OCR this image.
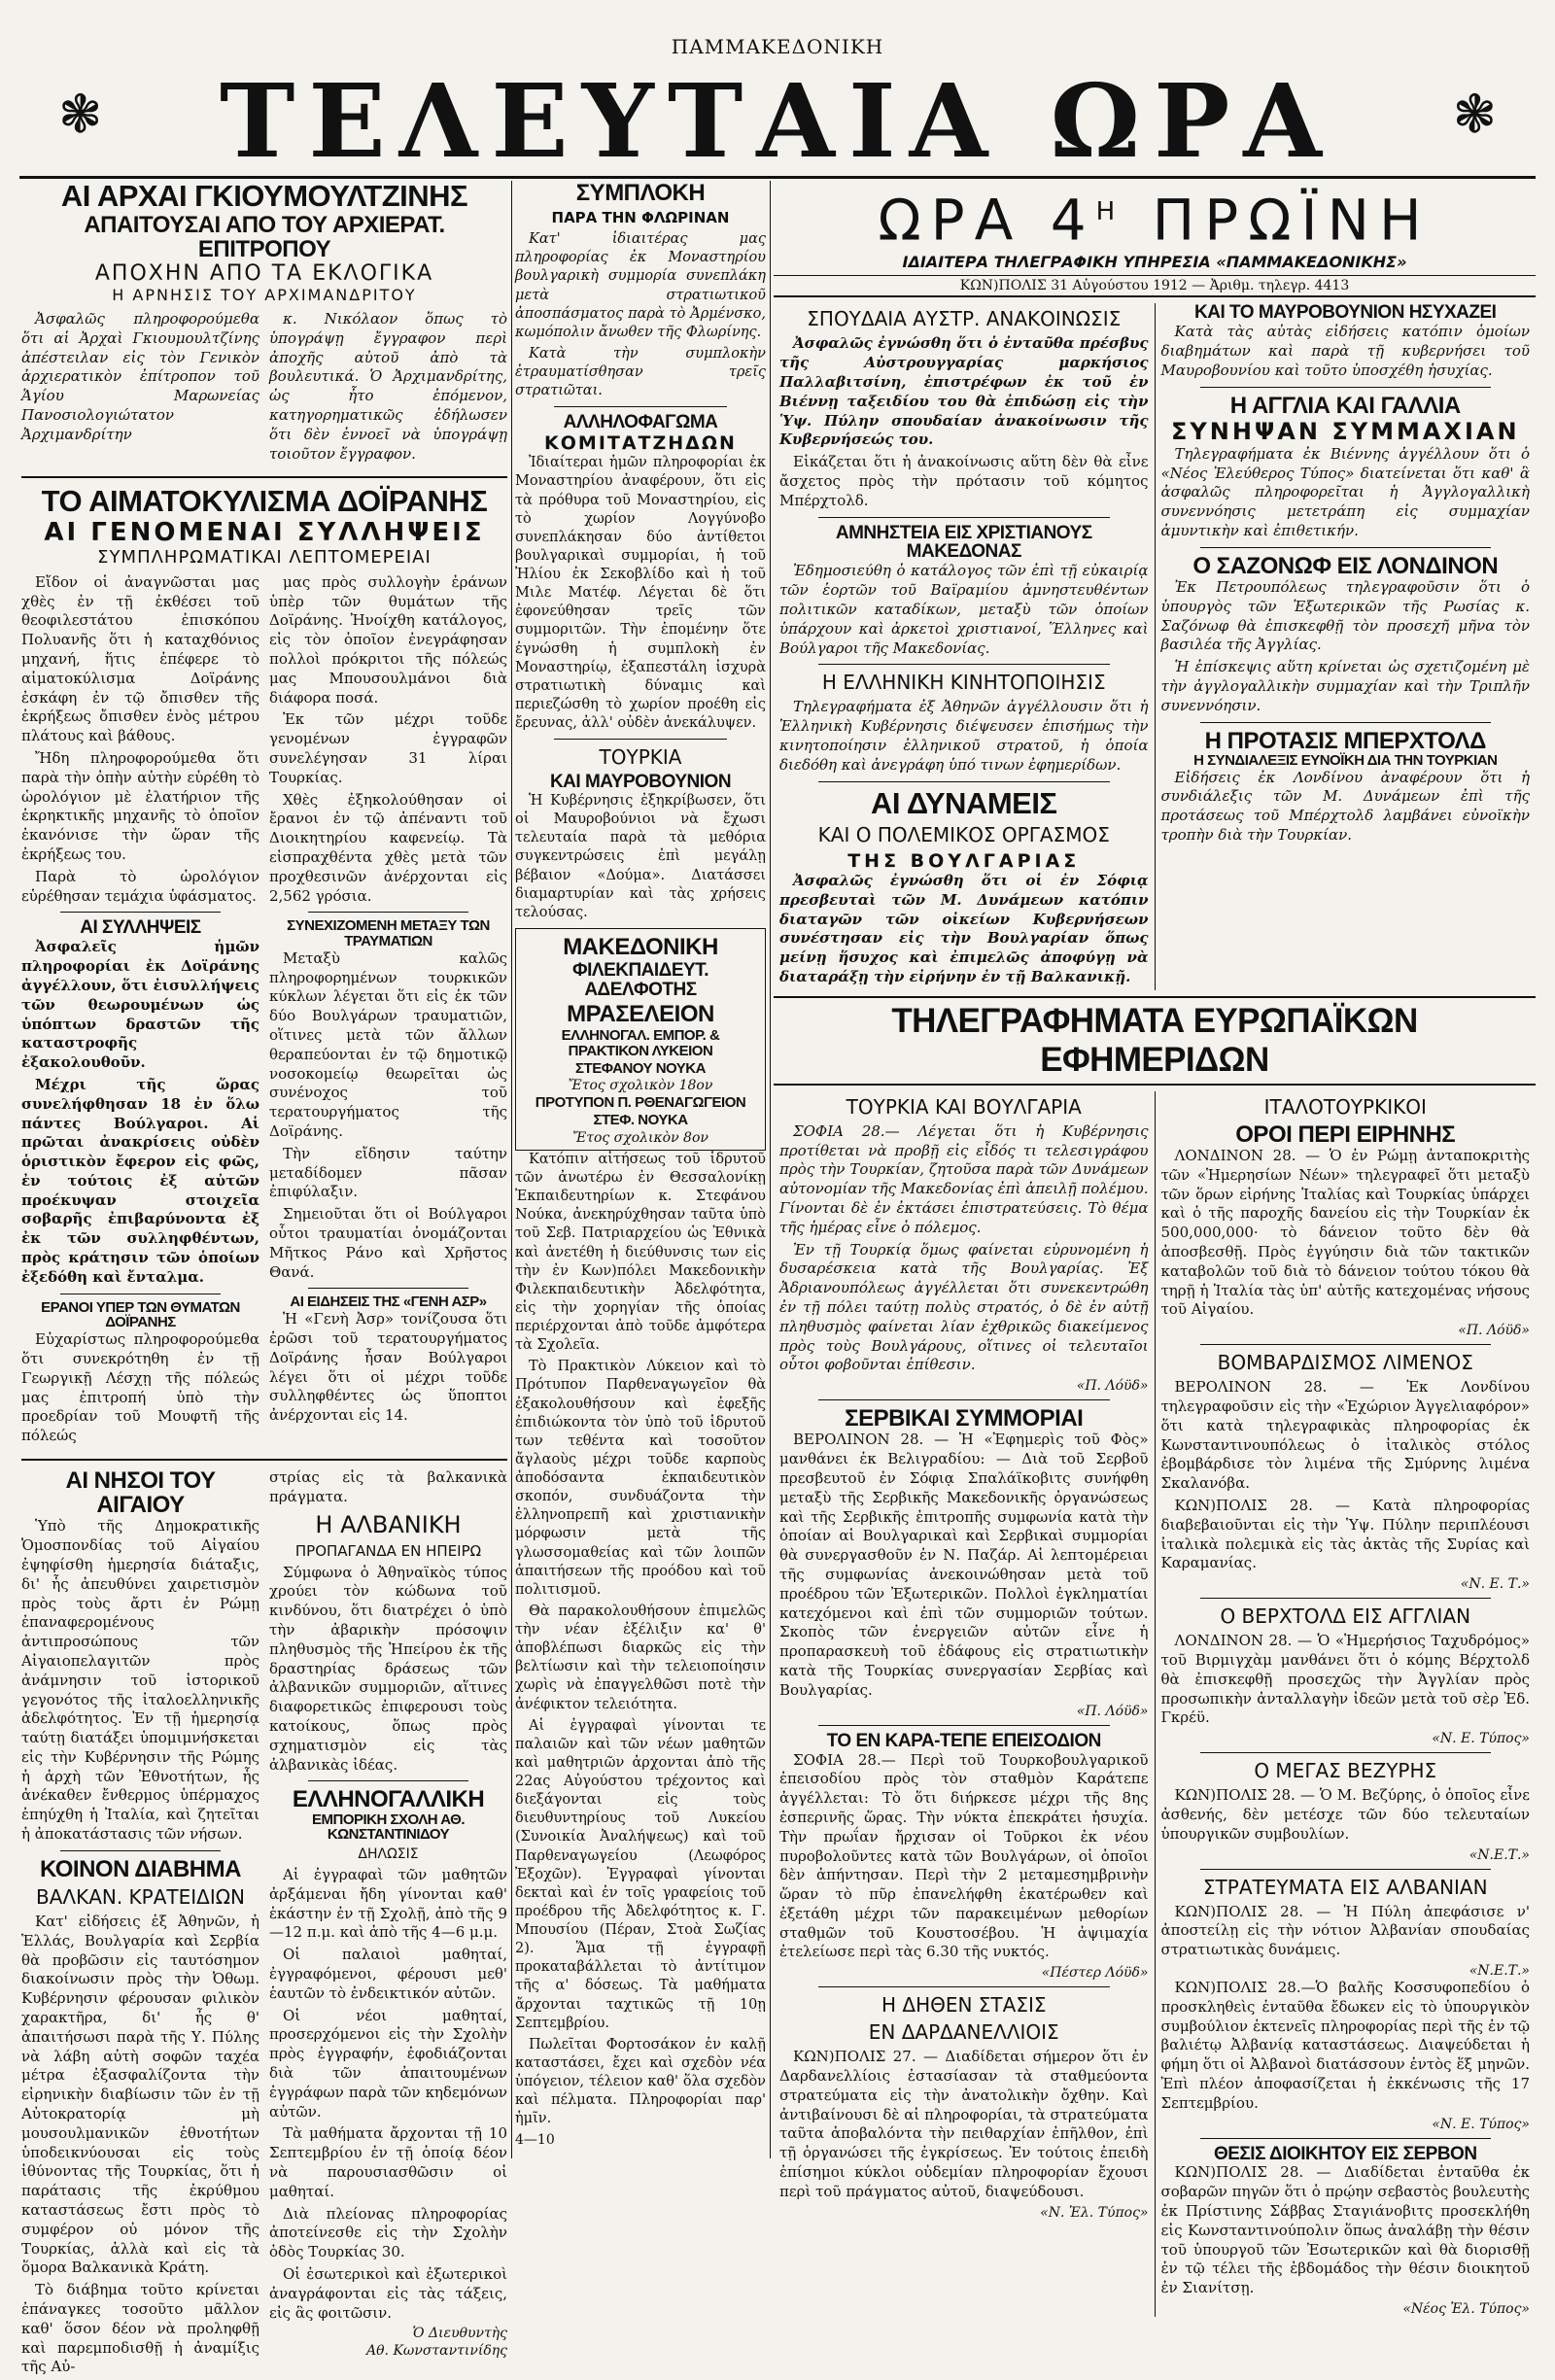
ΠΑΜΜΑΚΕΔΟΝΙΚΗ
❃	❃
ΤΕΛΕΥΤΑΙΑ ΩΡΑ
ΑΙ ΑΡΧΑΙ ΓΚΙΟΥΜΟΥΛΤΖΙΝΗΣ
ΑΠΑΙΤΟΥΣΑΙ ΑΠΟ ΤΟΥ ΑΡΧΙΕΡΑΤ. ΕΠΙΤΡΟΠΟΥ
ΑΠΟΧΗΝ ΑΠΟ ΤΑ ΕΚΛΟΓΙΚΑ
Η ΑΡΝΗΣΙΣ ΤΟΥ ΑΡΧΙΜΑΝΔΡΙΤΟΥ

Ἀσφαλῶς πληροφορούμεθα ὅτι αἱ Ἀρχαὶ Γκιουμουλτζίνης ἀπέστειλαν εἰς τὸν Γενικὸν ἀρχιερατικὸν ἐπίτροπον τοῦ Ἁγίου Μαρωνείας Πανοσιολογιώτατον Ἀρχιμανδρίτην

κ. Νικόλαον ὅπως τὸ ὑπογράψῃ ἔγγραφον περὶ ἀποχῆς αὐτοῦ ἀπὸ τὰ βουλευτικά. Ὁ Ἀρχιμανδρίτης, ὡς ἦτο ἑπόμενον, κατηγορηματικῶς ἐδήλωσεν ὅτι δὲν ἐννοεῖ νὰ ὑπογράψῃ τοιοῦτον ἔγγραφον.

ΤΟ ΑΙΜΑΤΟΚΥΛΙΣΜΑ ΔΟΪΡΑΝΗΣ
ΑΙ ΓΕΝΟΜΕΝΑΙ ΣΥΛΛΗΨΕΙΣ
ΣΥΜΠΛΗΡΩΜΑΤΙΚΑΙ ΛΕΠΤΟΜΕΡΕΙΑΙ

Εἴδον οἱ ἀναγνῶσται μας χθὲς ἐν τῇ ἐκθέσει τοῦ θεοφιλεστάτου ἐπισκόπου Πολυανῆς ὅτι ἡ καταχθόνιος μηχανή, ἥτις ἐπέφερε τὸ αἱματοκύλισμα Δοϊράνης ἐσκάφη ἐν τῷ ὄπισθεν τῆς ἐκρήξεως ὄπισθεν ἐνὸς μέτρου πλάτους καὶ βάθους.

Ἤδη πληροφορούμεθα ὅτι παρὰ τὴν ὀπὴν αὐτὴν εὑρέθη τὸ ὡρολόγιον μὲ ἐλατήριον τῆς ἐκρηκτικῆς μηχανῆς τὸ ὁποῖον ἐκανόνισε τὴν ὥραν τῆς ἐκρήξεως του.

Παρὰ τὸ ὡρολόγιον εὑρέθησαν τεμάχια ὑφάσματος.

ΑΙ ΣΥΛΛΗΨΕΙΣ

Ἀσφαλεῖς ἡμῶν πληροφορίαι ἐκ Δοϊράνης ἀγγέλλουν, ὅτι ἐισυλλήψεις τῶν θεωρουμένων ὡς ὑπόπτων δραστῶν τῆς καταστροφῆς ἐξακολουθοῦν.

Μέχρι τῆς ὥρας συνελήφθησαν 18 ἐν ὅλω πάντες Βούλγαροι. Αἱ πρῶται ἀνακρίσεις οὐδὲν ὁριστικὸν ἔφερον εἰς φῶς, ἐν τούτοις ἐξ αὐτῶν προέκυψαν στοιχεῖα σοβαρῆς ἐπιβαρύνοντα ἐξ ἐκ τῶν συλληφθέντων, πρὸς κράτησιν τῶν ὁποίων ἐξεδόθη καὶ ἔνταλμα.

ΕΡΑΝΟΙ ΥΠΕΡ ΤΩΝ ΘΥΜΑΤΩΝ ΔΟΪΡΑΝΗΣ

Εὐχαρίστως πληροφορούμεθα ὅτι συνεκρότηθη ἐν τῇ Γεωργικῇ Λέσχῃ τῆς πόλεώς μας ἐπιτροπή ὑπὸ τὴν προεδρίαν τοῦ Μουφτῆ τῆς πόλεώς

μας πρὸς συλλογὴν ἐράνων ὑπὲρ τῶν θυμάτων τῆς Δοϊράνης. Ἠνοίχθη κατάλογος, εἰς τὸν ὁποῖον ἐνεγράφησαν πολλοὶ πρόκριτοι τῆς πόλεώς μας Μπουσουλμάνοι διὰ διάφορα ποσά.

Ἐκ τῶν μέχρι τοῦδε γενομένων ἐγγραφῶν συνελέγησαν 31 λίραι Τουρκίας.

Χθὲς ἐξηκολούθησαν οἱ ἔρανοι ἐν τῷ ἀπέναντι τοῦ Διοικητηρίου καφενείῳ. Τὰ εἰσπραχθέντα χθὲς μετὰ τῶν προχθεσινῶν ἀνέρχονται εἰς 2,562 γρόσια.

ΣΥΝΕΧΙΖΟΜΕΝΗ ΜΕΤΑΞΥ ΤΩΝ ΤΡΑΥΜΑΤΙΩΝ

Μεταξὺ καλῶς πληροφορημένων τουρκικῶν κύκλων λέγεται ὅτι εἰς ἐκ τῶν δύο Βουλγάρων τραυματιῶν, οἵτινες μετὰ τῶν ἄλλων θεραπεύονται ἐν τῷ δημοτικῷ νοσοκομείῳ θεωρεῖται ὡς συνένοχος τοῦ τερατουργήματος τῆς Δοϊράνης.

Τὴν εἴδησιν ταύτην μεταδίδομεν πᾶσαν ἐπιφύλαξιν.

Σημειοῦται ὅτι οἱ Βούλγαροι οὗτοι τραυματίαι ὀνομάζονται Μῆτκος Ράνο καὶ Χρῆστος Θανά.

ΑΙ ΕΙΔΗΣΕΙΣ ΤΗΣ «ΓΕΝΗ ΑΣΡ»

Ἡ «Γενὴ Ἀσρ» τονίζουσα ὅτι ἐρῶσι τοῦ τερατουργήματος Δοϊράνης ἦσαν Βούλγαροι λέγει ὅτι οἱ μέχρι τοῦδε συλληφθέντες ὡς ὕποπτοι ἀνέρχονται εἰς 14.

ΑΙ ΝΗΣΟΙ ΤΟΥ ΑΙΓΑΙΟΥ

Ὑπὸ τῆς Δημοκρατικῆς Ὁμοσπονδίας τοῦ Αἰγαίου ἐψηφίσθη ἡμερησία διάταξις, δι' ἧς ἀπευθύνει χαιρετισμὸν πρὸς τοὺς ἄρτι ἐν Ρώμῃ ἐπαναφερομένους ἀντιπροσώπους τῶν Αἰγαιοπελαγιτῶν πρὸς ἀνάμνησιν τοῦ ἱστορικοῦ γεγονότος τῆς ἰταλοελληνικῆς ἀδελφότητος. Ἐν τῇ ἡμερησίᾳ ταύτῃ διατάξει ὑπομιμνήσκεται εἰς τὴν Κυβέρνησιν τῆς Ρώμης ἡ ἀρχὴ τῶν Ἐθνοτήτων, ἧς ἀνέκαθεν ἔνθερμος ὑπέρμαχος ἐπηύχθη ἡ Ἰταλία, καὶ ζητεῖται ἡ ἀποκατάστασις τῶν νήσων.

ΚΟΙΝΟΝ ΔΙΑΒΗΜΑ
ΒΑΛΚΑΝ. ΚΡΑΤΕΙΔΙΩΝ

Κατ' εἰδήσεις ἐξ Ἀθηνῶν, ἡ Ἑλλάς, Βουλγαρία καὶ Σερβία θὰ προβῶσιν εἰς ταυτόσημον διακοίνωσιν πρὸς τὴν Ὀθωμ. Κυβέρνησιν φέρουσαν φιλικὸν χαρακτῆρα, δι' ἧς θ' ἀπαιτήσωσι παρὰ τῆς Υ. Πύλης νὰ λάβη αὐτὴ σοφῶν ταχέα μέτρα ἐξασφαλίζοντα τὴν εἰρηνικὴν διαβίωσιν τῶν ἐν τῇ Αὐτοκρατορίᾳ μὴ μουσουλμανικῶν ἐθνοτήτων ὑποδεικνύουσαι εἰς τοὺς ἰθύνοντας τῆς Τουρκίας, ὅτι ἡ παράτασις τῆς ἐκρύθμου καταστάσεως ἔστι πρὸς τὸ συμφέρον οὐ μόνον τῆς Τουρκίας, ἀλλὰ καὶ εἰς τὰ ὅμορα Βαλκανικὰ Κράτη.

Τὸ διάβημα τοῦτο κρίνεται ἐπάναγκες τοσοῦτο μᾶλλον καθ' ὅσον δέον νὰ προληφθῇ καὶ παρεμποδισθῇ ἡ ἀναμίξις τῆς Αὐ-

στρίας εἰς τὰ βαλκανικὰ πράγματα.

Η ΑΛΒΑΝΙΚΗ
ΠΡΟΠΑΓΑΝΔΑ ΕΝ ΗΠΕΙΡΩ

Σύμφωνα ὁ Ἀθηναϊκὸς τύπος χρούει τὸν κώδωνα τοῦ κινδύνου, ὅτι διατρέχει ὁ ὑπὸ τὴν ἀβαρικὴν πρόσοψιν πληθυσμὸς τῆς Ἠπείρου ἐκ τῆς δραστηρίας δράσεως τῶν ἀλβανικῶν συμμοριῶν, αἵτινες διαφορετικῶς ἐπιφερουσι τοὺς κατοίκους, ὅπως πρὸς σχηματισμὸν εἰς τὰς ἀλβανικὰς ἰδέας.

ΕΛΛΗΝΟΓΑΛΛΙΚΗ
ΕΜΠΟΡΙΚΗ ΣΧΟΛΗ ΑΘ. ΚΩΝΣΤΑΝΤΙΝΙΔΟΥ
ΔΗΛΩΣΙΣ

Αἱ ἐγγραφαὶ τῶν μαθητῶν ἀρξάμεναι ἤδη γίνονται καθ' ἑκάστην ἐν τῇ Σχολῇ, ἀπὸ τῆς 9—12 π.μ. καὶ ἀπὸ τῆς 4—6 μ.μ.

Οἱ παλαιοὶ μαθηταί, ἐγγραφόμενοι, φέρουσι μεθ' ἑαυτῶν τὸ ἐνδεικτικόν αὐτῶν.

Οἱ νέοι μαθηταί, προσερχόμενοι εἰς τὴν Σχολὴν πρὸς ἐγγραφήν, ἐφοδιάζονται διὰ τῶν ἀπαιτουμένων ἐγγράφων παρὰ τῶν κηδεμόνων αὐτῶν.

Τὰ μαθήματα ἄρχονται τῇ 10 Σεπτεμβρίου ἐν τῇ ὁποίᾳ δέον νὰ παρουσιασθῶσιν οἱ μαθηταί.

Διὰ πλείονας πληροφορίας ἀποτείνεσθε εἰς τὴν Σχολὴν ὁδὸς Τουρκίας 30.

Οἱ ἐσωτερικοὶ καὶ ἐξωτερικοὶ ἀναγράφονται εἰς τὰς τάξεις, εἰς ἃς φοιτῶσιν.

Ὁ Διευθυντὴς
Αθ. Κωνσταντινίδης
ΣΥΜΠΛΟΚΗ
ΠΑΡΑ ΤΗΝ ΦΛΩΡΙΝΑΝ

Κατ' ἰδιαιτέρας μας πληροφορίας ἐκ Μοναστηρίου βουλγαρικὴ συμμορία συνεπλάκη μετὰ στρατιωτικοῦ ἀποσπάσματος παρὰ τὸ Ἀρμένσκο, κωμόπολιν ἄνωθεν τῆς Φλωρίνης.

Κατὰ τὴν συμπλοκὴν ἐτραυματίσθησαν τρεῖς στρατιῶται.

ΑΛΛΗΛΟΦΑΓΩΜΑ
ΚΟΜΙΤΑΤΖΗΔΩΝ

Ἰδιαίτεραι ἡμῶν πληροφορίαι ἐκ Μοναστηρίου ἀναφέρουν, ὅτι εἰς τὰ πρόθυρα τοῦ Μοναστηρίου, εἰς τὸ χωρίον Λογγύνοβο συνεπλάκησαν δύο ἀντίθετοι βουλγαρικαὶ συμμορίαι, ἡ τοῦ Ἠλίου ἐκ Σεκοβλίδο καὶ ἡ τοῦ Μιλε Ματέφ. Λέγεται δὲ ὅτι ἐφονεύθησαν τρεῖς τῶν συμμοριτῶν. Τὴν ἑπομένην ὅτε ἐγνώσθη ἡ συμπλοκὴ ἐν Μοναστηρίῳ, ἐξαπεστάλη ἰσχυρὰ στρατιωτικὴ δύναμις καὶ περιεζώσθη τὸ χωρίον προέθη εἰς ἔρευνας, ἀλλ' οὐδὲν ἀνεκάλυψεν.

ΤΟΥΡΚΙΑ
ΚΑΙ ΜΑΥΡΟΒΟΥΝΙΟΝ

Ἡ Κυβέρνησις ἐξηκρίβωσεν, ὅτι οἱ Μαυροβούνιοι νὰ ἔχωσι τελευταία παρὰ τὰ μεθόρια συγκεντρώσεις ἐπὶ μεγάλῃ βέβαιον «Δούμα». Διατάσσει διαμαρτυρίαν καὶ τὰς χρήσεις τελούσας.

ΜΑΚΕΔΟΝΙΚΗ
ΦΙΛΕΚΠΑΙΔΕΥΤ. ΑΔΕΛΦΟΤΗΣ
ΜΡΑΣΕΛΕΙΟΝ
ΕΛΛΗΝΟΓΑΛ. ΕΜΠΟΡ. & ΠΡΑΚΤΙΚΟΝ ΛΥΚΕΙΟΝ
ΣΤΕΦΑΝΟΥ ΝΟΥΚΑ
Ἔτος σχολικὸν 18ον
ΠΡΟΤΥΠΟΝ Π. ΡΘΕΝΑΓΩΓΕΙΟΝ
ΣΤΕΦ. ΝΟΥΚΑ
Ἔτος σχολικὸν 8ον

Κατόπιν αἰτήσεως τοῦ ἱδρυτοῦ τῶν ἀνωτέρω ἐν Θεσσαλονίκῃ Ἐκπαιδευτηρίων κ. Στεφάνου Νούκα, ἀνεκηρύχθησαν ταῦτα ὑπὸ τοῦ Σεβ. Πατριαρχείου ὡς Ἐθνικὰ καὶ ἀνετέθη ἡ διεύθυνσις των εἰς τὴν ἐν Κων)πόλει Μακεδονικὴν Φιλεκπαιδευτικὴν Ἀδελφότητα, εἰς τὴν χορηγίαν τῆς ὁποίας περιέρχονται ἀπὸ τοῦδε ἀμφότερα τὰ Σχολεῖα.

Τὸ Πρακτικὸν Λύκειον καὶ τὸ Πρότυπον Παρθεναγωγεῖον θὰ ἐξακολουθήσουν καὶ ἐφεξῆς ἐπιδιώκοντα τὸν ὑπὸ τοῦ ἱδρυτοῦ των τεθέντα καὶ τοσοῦτον ἄγλαοὺς μέχρι τοῦδε καρποὺς ἀποδόσαντα ἐκπαιδευτικὸν σκοπόν, συνδυάζοντα τὴν ἑλληνοπρεπῆ καὶ χριστιανικὴν μόρφωσιν μετὰ τῆς γλωσσομαθείας καὶ τῶν λοιπῶν ἀπαιτήσεων τῆς προόδου καὶ τοῦ πολιτισμοῦ.

Θὰ παρακολουθήσουν ἐπιμελῶς τὴν νέαν ἐξέλιξιν κα' θ' ἀποβλέπωσι διαρκῶς εἰς τὴν βελτίωσιν καὶ τὴν τελειοποίησιν χωρὶς νὰ ἐπαγγελθῶσι ποτὲ τὴν ἀνέφικτον τελειότητα.

Αἱ ἐγγραφαὶ γίνονται τε παλαιῶν καὶ τῶν νέων μαθητῶν καὶ μαθητριῶν ἀρχονται ἀπὸ τῆς 22ας Αὐγούστου τρέχοντος καὶ διεξάγονται εἰς τοὺς διευθυντηρίους τοῦ Λυκείου (Συνοικία Ἀναλήψεως) καὶ τοῦ Παρθεναγωγείου (Λεωφόρος Ἐξοχῶν). Ἐγγραφαὶ γίνονται δεκταὶ καὶ ἐν τοῖς γραφείοις τοῦ προέδρου τῆς Ἀδελφότητος κ. Γ. Μπουσίου (Πέραν, Στοὰ Σωζίας 2). Ἅμα τῇ ἐγγραφῇ προκαταβάλλεται τὸ ἀντίτιμον τῆς α' δόσεως. Τὰ μαθήματα ἄρχονται ταχτικῶς τῇ 10ῃ Σεπτεμβρίου.

Πωλεῖται Φορτοσάκον ἐν καλῇ καταστάσει, ἔχει καὶ σχεδὸν νέα ὑπόγειον, τέλειον καθ' ὅλα σχεδὸν καὶ πέλματα. Πληροφορίαι παρ' ἡμῖν.

4—10
ΩΡΑ $4^H$ ΠΡΩΪΝΗ
ΙΔΙΑΙΤΕΡΑ ΤΗΛΕΓΡΑΦΙΚΗ ΥΠΗΡΕΣΙΑ «ΠΑΜΜΑΚΕΔΟΝΙΚΗΣ»
ΚΩΝ)ΠΟΛΙΣ 31 Αὐγούστου 1912 — Ἀριθμ. τηλεγρ. 4413
ΣΠΟΥΔΑΙΑ ΑΥΣΤΡ. ΑΝΑΚΟΙΝΩΣΙΣ

Ἀσφαλῶς ἐγνώσθη ὅτι ὁ ἐνταῦθα πρέσβυς τῆς Αὐστρουγγαρίας μαρκήσιος Παλλαβιτσίνη, ἐπιστρέφων ἐκ τοῦ ἐν Βιέννῃ ταξειδίου του θὰ ἐπιδώσῃ εἰς τὴν Ὑψ. Πύλην σπουδαίαν ἀνακοίνωσιν τῆς Κυβερνήσεώς του.

Εἰκάζεται ὅτι ἡ ἀνακοίνωσις αὕτη δὲν θὰ εἶνε ἄσχετος πρὸς τὴν πρότασιν τοῦ κόμητος Μπέρχτολδ.

ΑΜΝΗΣΤΕΙΑ ΕΙΣ ΧΡΙΣΤΙΑΝΟΥΣ ΜΑΚΕΔΟΝΑΣ

Ἐδημοσιεύθη ὁ κατάλογος τῶν ἐπὶ τῇ εὐκαιρίᾳ τῶν ἑορτῶν τοῦ Βαϊραμίου ἀμνηστευθέντων πολιτικῶν καταδίκων, μεταξὺ τῶν ὁποίων ὑπάρχουν καὶ ἀρκετοὶ χριστιανοί, Ἕλληνες καὶ Βούλγαροι τῆς Μακεδονίας.

Η ΕΛΛΗΝΙΚΗ ΚΙΝΗΤΟΠΟΙΗΣΙΣ

Τηλεγραφήματα ἐξ Ἀθηνῶν ἀγγέλλουσιν ὅτι ἡ Ἑλληνικὴ Κυβέρνησις διέψευσεν ἐπισήμως τὴν κινητοποίησιν ἑλληνικοῦ στρατοῦ, ἡ ὁποία διεδόθη καὶ ἀνεγράφη ὑπό τινων ἐφημερίδων.

ΑΙ ΔΥΝΑΜΕΙΣ
ΚΑΙ Ο ΠΟΛΕΜΙΚΟΣ ΟΡΓΑΣΜΟΣ
ΤΗΣ ΒΟΥΛΓΑΡΙΑΣ

Ἀσφαλῶς ἐγνώσθη ὅτι οἱ ἐν Σόφιᾳ πρεσβευταὶ τῶν Μ. Δυνάμεων κατόπιν διαταγῶν τῶν οἰκείων Κυβερνήσεων συνέστησαν εἰς τὴν Βουλγαρίαν ὅπως μείνῃ ἥσυχος καὶ ἐπιμελῶς ἀποφύγῃ νὰ διαταράξῃ τὴν εἰρήνην ἐν τῇ Βαλκανικῇ.

ΚΑΙ ΤΟ ΜΑΥΡΟΒΟΥΝΙΟΝ ΗΣΥΧΑΖΕΙ

Κατὰ τὰς αὐτὰς εἰδήσεις κατόπιν ὁμοίων διαβημάτων καὶ παρὰ τῇ κυβερνήσει τοῦ Μαυροβουνίου καὶ τοῦτο ὑποσχέθη ἡσυχίας.

Η ΑΓΓΛΙΑ ΚΑΙ ΓΑΛΛΙΑ
ΣΥΝΗΨΑΝ ΣΥΜΜΑΧΙΑΝ

Τηλεγραφήματα ἐκ Βιέννης ἀγγέλλουν ὅτι ὁ «Νέος Ἐλεύθερος Τύπος» διατείνεται ὅτι καθ' ἃ ἀσφαλῶς πληροφορεῖται ἡ Ἀγγλογαλλικὴ συνεννόησις μετετράπη εἰς συμμαχίαν ἀμυντικὴν καὶ ἐπιθετικήν.

Ο ΣΑΖΟΝΩΦ ΕΙΣ ΛΟΝΔΙΝΟΝ

Ἐκ Πετρουπόλεως τηλεγραφοῦσιν ὅτι ὁ ὑπουργὸς τῶν Ἐξωτερικῶν τῆς Ρωσίας κ. Σαζόνωφ θὰ ἐπισκεφθῇ τὸν προσεχῆ μῆνα τὸν βασιλέα τῆς Ἀγγλίας.

Ἡ ἐπίσκεψις αὕτη κρίνεται ὡς σχετιζομένη μὲ τὴν ἀγγλογαλλικὴν συμμαχίαν καὶ τὴν Τριπλῆν συνεννόησιν.

Η ΠΡΟΤΑΣΙΣ ΜΠΕΡΧΤΟΛΔ
Η ΣΥΝΔΙΑΛΕΞΙΣ ΕΥΝΟΪΚΗ ΔΙΑ ΤΗΝ ΤΟΥΡΚΙΑΝ

Εἰδήσεις ἐκ Λονδίνου ἀναφέρουν ὅτι ἡ συνδιάλεξις τῶν Μ. Δυνάμεων ἐπὶ τῆς προτάσεως τοῦ Μπέρχτολδ λαμβάνει εὐνοϊκὴν τροπὴν διὰ τὴν Τουρκίαν.

ΤΗΛΕΓΡΑΦΗΜΑΤΑ ΕΥΡΩΠΑΪΚΩΝ ΕΦΗΜΕΡΙΔΩΝ
ΤΟΥΡΚΙΑ ΚΑΙ ΒΟΥΛΓΑΡΙΑ

ΣΟΦΙΑ 28.— Λέγεται ὅτι ἡ Κυβέρνησις προτίθεται νὰ προβῇ εἰς εἶδός τι τελεσιγράφου πρὸς τὴν Τουρκίαν, ζητοῦσα παρὰ τῶν Δυνάμεων αὐτονομίαν τῆς Μακεδονίας ἐπὶ ἀπειλῇ πολέμου. Γίνονται δὲ ἐν ἐκτάσει ἐπιστρατεύσεις. Τὸ θέμα τῆς ἡμέρας εἶνε ὁ πόλεμος.

Ἐν τῇ Τουρκίᾳ ὅμως φαίνεται εὐρυνομένη ἡ δυσαρέσκεια κατὰ τῆς Βουλγαρίας. Ἐξ Ἀδριανουπόλεως ἀγγέλλεται ὅτι συνεκεντρώθη ἐν τῇ πόλει ταύτῃ πολὺς στρατός, ὁ δὲ ἐν αὐτῇ πληθυσμὸς φαίνεται λίαν ἐχθρικῶς διακείμενος πρὸς τοὺς Βουλγάρους, οἵτινες οἱ τελευταῖοι οὗτοι φοβοῦνται ἐπίθεσιν.

«Π. Λόϋδ»
ΣΕΡΒΙΚΑΙ ΣΥΜΜΟΡΙΑΙ

ΒΕΡΟΛΙΝΟΝ 28. — Ἡ «Ἐφημερὶς τοῦ Φὸς» μανθάνει ἐκ Βελιγραδίου: — Διὰ τοῦ Σερβοῦ πρεσβευτοῦ ἐν Σόφιᾳ Σπαλάϊκοβιτς συνήφθη μεταξὺ τῆς Σερβικῆς Μακεδονικῆς ὀργανώσεως καὶ τῆς Σερβικῆς ἐπιτροπῆς συμφωνία κατὰ τὴν ὁποίαν αἱ Βουλγαρικαὶ καὶ Σερβικαὶ συμμορίαι θὰ συνεργασθοῦν ἐν Ν. Παζάρ. Αἱ λεπτομέρειαι τῆς συμφωνίας ἀνεκοινώθησαν μετὰ τοῦ προέδρου τῶν Ἐξωτερικῶν. Πολλοὶ ἐγκληματίαι κατεχόμενοι καὶ ἐπὶ τῶν συμμοριῶν τούτων. Σκοπὸς τῶν ἐνεργειῶν αὐτῶν εἶνε ἡ προπαρασκευὴ τοῦ ἐδάφους εἰς στρατιωτικὴν κατὰ τῆς Τουρκίας συνεργασίαν Σερβίας καὶ Βουλγαρίας.

«Π. Λόϋδ»
ΤΟ ΕΝ ΚΑΡΑ-ΤΕΠΕ ΕΠΕΙΣΟΔΙΟΝ

ΣΟΦΙΑ 28.— Περὶ τοῦ Τουρκοβουλγαρικοῦ ἐπεισοδίου πρὸς τὸν σταθμὸν Καράτεπε ἀγγέλλεται: Τὸ ὅτι διήρκεσε μέχρι τῆς 8ης ἑσπερινῆς ὥρας. Τὴν νύκτα ἐπεκράτει ἡσυχία. Τὴν πρωΐαν ἤρχισαν οἱ Τοῦρκοι ἐκ νέου πυροβολοῦντες κατὰ τῶν Βουλγάρων, οἱ ὁποῖοι δὲν ἀπήντησαν. Περὶ τὴν 2 μεταμεσημβρινὴν ὥραν τὸ πῦρ ἐπανελήφθη ἑκατέρωθεν καὶ ἐξετάθη μέχρι τῶν παρακειμένων μεθορίων σταθμῶν τοῦ Κουστοσέβου. Ἡ ἀψιμαχία ἐτελείωσε περὶ τὰς 6.30 τῆς νυκτός.

«Πέστερ Λόϋδ»
Η ΔΗΘΕΝ ΣΤΑΣΙΣ
ΕΝ ΔΑΡΔΑΝΕΛΛΙΟΙΣ

ΚΩΝ)ΠΟΛΙΣ 27. — Διαδίδεται σήμερον ὅτι ἐν Δαρδανελλίοις ἐστασίασαν τὰ σταθμεύοντα στρατεύματα εἰς τὴν ἀνατολικὴν ὄχθην. Καὶ ἀντιβαίνουσι δὲ αἱ πληροφορίαι, τὰ στρατεύματα ταῦτα ἀποβαλόντα τὴν πειθαρχίαν ἐπῆλθον, ἐπὶ τῇ ὀργανώσει τῆς ἐγκρίσεως. Ἐν τούτοις ἐπειδὴ ἐπίσημοι κύκλοι οὐδεμίαν πληροφορίαν ἔχουσι περὶ τοῦ πράγματος αὐτοῦ, διαψεύδουσι.

«Ν. Ἐλ. Τύπος»
ΙΤΑΛΟΤΟΥΡΚΙΚΟΙ
ΟΡΟΙ ΠΕΡΙ ΕΙΡΗΝΗΣ

ΛΟΝΔΙΝΟΝ 28. — Ὁ ἐν Ρώμῃ ἀνταποκριτὴς τῶν «Ἡμερησίων Νέων» τηλεγραφεῖ ὅτι μεταξὺ τῶν ὅρων εἰρήνης Ἰταλίας καὶ Τουρκίας ὑπάρχει καὶ ὁ τῆς παροχῆς δανείου εἰς τὴν Τουρκίαν ἐκ 500,000,000· τὸ δάνειον τοῦτο δὲν θὰ ἀποσβεσθῇ. Πρὸς ἐγγύησιν διὰ τῶν τακτικῶν καταβολῶν τοῦ διὰ τὸ δάνειον τούτου τόκου θὰ τηρῇ ἡ Ἰταλία τὰς ὑπ' αὐτῆς κατεχομένας νήσους τοῦ Αἰγαίου.

«Π. Λόϋδ»
ΒΟΜΒΑΡΔΙΣΜΟΣ ΛΙΜΕΝΟΣ

ΒΕΡΟΛΙΝΟΝ 28. — Ἐκ Λονδίνου τηλεγραφοῦσιν εἰς τὴν «Ἐχώριον Ἀγγελιαφόρον» ὅτι κατὰ τηλεγραφικὰς πληροφορίας ἐκ Κωνσταντινουπόλεως ὁ ἰταλικὸς στόλος ἐβομβάρδισε τὸν λιμένα τῆς Σμύρνης λιμένα Σκαλανόβα.

ΚΩΝ)ΠΟΛΙΣ 28. — Κατὰ πληροφορίας διαβεβαιοῦνται εἰς τὴν Ὑψ. Πύλην περιπλέουσι ἰταλικὰ πολεμικὰ εἰς τὰς ἀκτὰς τῆς Συρίας καὶ Καραμανίας.

«Ν. Ε. Τ.»
Ο ΒΕΡΧΤΟΛΔ ΕΙΣ ΑΓΓΛΙΑΝ

ΛΟΝΔΙΝΟΝ 28. — Ὁ «Ἡμερήσιος Ταχυδρόμος» τοῦ Βιρμιγχὰμ μανθάνει ὅτι ὁ κόμης Βέρχτολδ θὰ ἐπισκεφθῇ προσεχῶς τὴν Ἀγγλίαν πρὸς προσωπικὴν ἀνταλλαγὴν ἰδεῶν μετὰ τοῦ σὲρ Ἐδ. Γκρέϋ.

«Ν. Ε. Τύπος»
Ο ΜΕΓΑΣ ΒΕΖΥΡΗΣ

ΚΩΝ)ΠΟΛΙΣ 28. — Ὁ Μ. Βεζύρης, ὁ ὁποῖος εἶνε ἀσθενής, δὲν μετέσχε τῶν δύο τελευταίων ὑπουργικῶν συμβουλίων.

«Ν.Ε.Τ.»
ΣΤΡΑΤΕΥΜΑΤΑ ΕΙΣ ΑΛΒΑΝΙΑΝ

ΚΩΝ)ΠΟΛΙΣ 28. — Ἡ Πύλη ἀπεφάσισε ν' ἀποστείλῃ εἰς τὴν νότιον Ἀλβανίαν σπουδαίας στρατιωτικὰς δυνάμεις.

«Ν.Ε.Τ.»

ΚΩΝ)ΠΟΛΙΣ 28.—Ὁ βαλῆς Κοσσυφοπεδίου ὁ προσκληθεὶς ἐνταῦθα ἔδωκεν εἰς τὸ ὑπουργικὸν συμβούλιον ἐκτενεῖς πληροφορίας περὶ τῆς ἐν τῷ βαλιέτῳ Ἀλβανίᾳ καταστάσεως. Διαψεύδεται ἡ φήμη ὅτι οἱ Ἀλβανοὶ διατάσσουν ἐντὸς ἕξ μηνῶν. Ἐπὶ πλέον ἀποφασίζεται ἡ ἐκκένωσις τῆς 17 Σεπτεμβρίου.

«Ν. Ε. Τύπος»
ΘΕΣΙΣ ΔΙΟΙΚΗΤΟΥ ΕΙΣ ΣΕΡΒΟΝ

ΚΩΝ)ΠΟΛΙΣ 28. — Διαδίδεται ἐνταῦθα ἐκ σοβαρῶν πηγῶν ὅτι ὁ πρῴην σεβαστὸς βουλευτὴς ἐκ Πρίστινης Σάββας Σταγιάνοβιτς προσεκλήθη εἰς Κωνσταντινούπολιν ὅπως ἀναλάβῃ τὴν θέσιν τοῦ ὑπουργοῦ τῶν Ἐσωτερικῶν καὶ θὰ διορισθῇ ἐν τῷ τέλει τῆς ἑβδομάδος τὴν θέσιν διοικητοῦ ἐν Σιανίτσῃ.

«Νέος Ἐλ. Τύπος»
